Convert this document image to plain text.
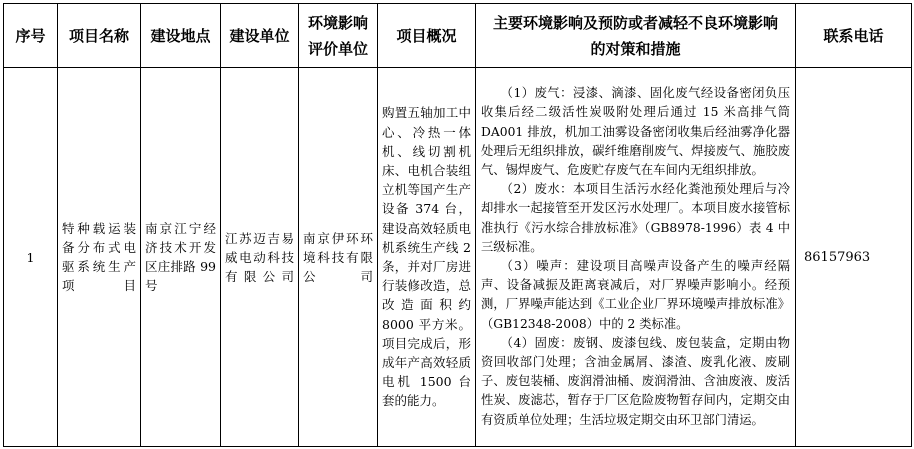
序号	项目名称	建设地点	建设单位	环境影响评价单位	项目概况	主要环境影响及预防或者减轻不良环境影响的对策和措施	联系电话
1	特种载运装备分布式电驱系统生产项目	南京江宁经济技术开发区庄排路 99 号	江苏迈吉易威电动科技有限公司	南京伊环环境科技有限公司	购置五轴加工中心、冷热一体机、线切割机床、电机合装组立机等国产生产设备 374 台，建设高效轻质电机系统生产线 2 条，并对厂房进行装修改造，总改造面积约 8000 平方米。项目完成后，形成年产高效轻质电机 1500 台套的能力。	（1）废气：浸漆、滴漆、固化废气经设备密闭负压收集后经二级活性炭吸附处理后通过 15 米高排气筒 DA001 排放，机加工油雾设备密闭收集后经油雾净化器处理后无组织排放，碳纤维磨削废气、焊接废气、施胶废气、锡焊废气、危废贮存废气在车间内无组织排放。

（2）废水：本项目生活污水经化粪池预处理后与冷却排水一起接管至开发区污水处理厂。本项目废水接管标准执行《污水综合排放标准》（GB8978-1996）表 4 中三级标准。

（3）噪声：建设项目高噪声设备产生的噪声经隔声、设备减振及距离衰减后，对厂界噪声影响小。经预测，厂界噪声能达到《工业企业厂界环境噪声排放标准》（GB12348-2008）中的 2 类标准。

（4）固废：废钢、废漆包线、废包装盒，定期由物资回收部门处理；含油金属屑、漆渣、废乳化液、废刷子、废包装桶、废润滑油桶、废润滑油、含油废液、废活性炭、废滤芯，暂存于厂区危险废物暂存间内，定期交由有资质单位处理；生活垃圾定期交由环卫部门清运。	86157963
